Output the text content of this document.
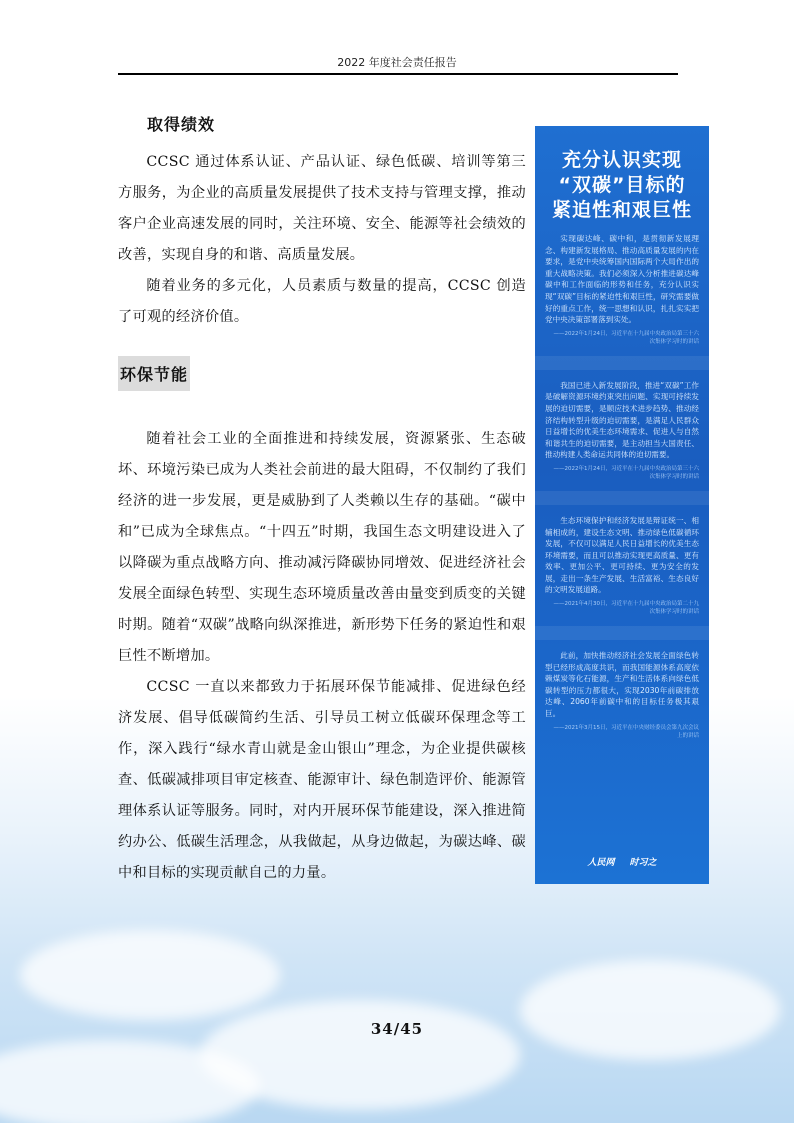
2022 年度社会责任报告
取得绩效

CCSC 通过体系认证、产品认证、绿色低碳、培训等第三方服务，为企业的高质量发展提供了技术支持与管理支撑，推动客户企业高速发展的同时，关注环境、安全、能源等社会绩效的改善，实现自身的和谐、高质量发展。

随着业务的多元化，人员素质与数量的提高，CCSC 创造了可观的经济价值。

环保节能

随着社会工业的全面推进和持续发展，资源紧张、生态破坏、环境污染已成为人类社会前进的最大阻碍，不仅制约了我们经济的进一步发展，更是威胁到了人类赖以生存的基础。“碳中和”已成为全球焦点。“十四五”时期，我国生态文明建设进入了以降碳为重点战略方向、推动减污降碳协同增效、促进经济社会发展全面绿色转型、实现生态环境质量改善由量变到质变的关键时期。随着“双碳”战略向纵深推进，新形势下任务的紧迫性和艰巨性不断增加。

CCSC 一直以来都致力于拓展环保节能减排、促进绿色经济发展、倡导低碳简约生活、引导员工树立低碳环保理念等工作，深入践行“绿水青山就是金山银山”理念，为企业提供碳核查、低碳减排项目审定核查、能源审计、绿色制造评价、能源管理体系认证等服务。同时，对内开展环保节能建设，深入推进简约办公、低碳生活理念，从我做起，从身边做起，为碳达峰、碳中和目标的实现贡献自己的力量。

充分认识实现
“双碳”目标的
紧迫性和艰巨性
实现碳达峰、碳中和，是贯彻新发展理念、构建新发展格局、推动高质量发展的内在要求，是党中央统筹国内国际两个大局作出的重大战略决策。我们必须深入分析推进碳达峰碳中和工作面临的形势和任务，充分认识实现“双碳”目标的紧迫性和艰巨性，研究需要做好的重点工作，统一思想和认识，扎扎实实把党中央决策部署落到实处。
——2022年1月24日，习近平在十九届中央政治局第三十六次集体学习时的讲话
我国已进入新发展阶段，推进“双碳”工作是破解资源环境约束突出问题、实现可持续发展的迫切需要，是顺应技术进步趋势、推动经济结构转型升级的迫切需要，是满足人民群众日益增长的优美生态环境需求、促进人与自然和谐共生的迫切需要，是主动担当大国责任、推动构建人类命运共同体的迫切需要。
——2022年1月24日，习近平在十九届中央政治局第三十六次集体学习时的讲话
生态环境保护和经济发展是辩证统一、相辅相成的，建设生态文明、推动绿色低碳循环发展，不仅可以满足人民日益增长的优美生态环境需要，而且可以推动实现更高质量、更有效率、更加公平、更可持续、更为安全的发展，走出一条生产发展、生活富裕、生态良好的文明发展道路。
——2021年4月30日，习近平在十九届中央政治局第二十九次集体学习时的讲话
此前，加快推动经济社会发展全面绿色转型已经形成高度共识，而我国能源体系高度依赖煤炭等化石能源，生产和生活体系向绿色低碳转型的压力都很大，实现2030年前碳排放达峰、2060年前碳中和的目标任务极其艰巨。
——2021年3月15日，习近平在中央财经委员会第九次会议上的讲话
人民网 时习之
34/45
